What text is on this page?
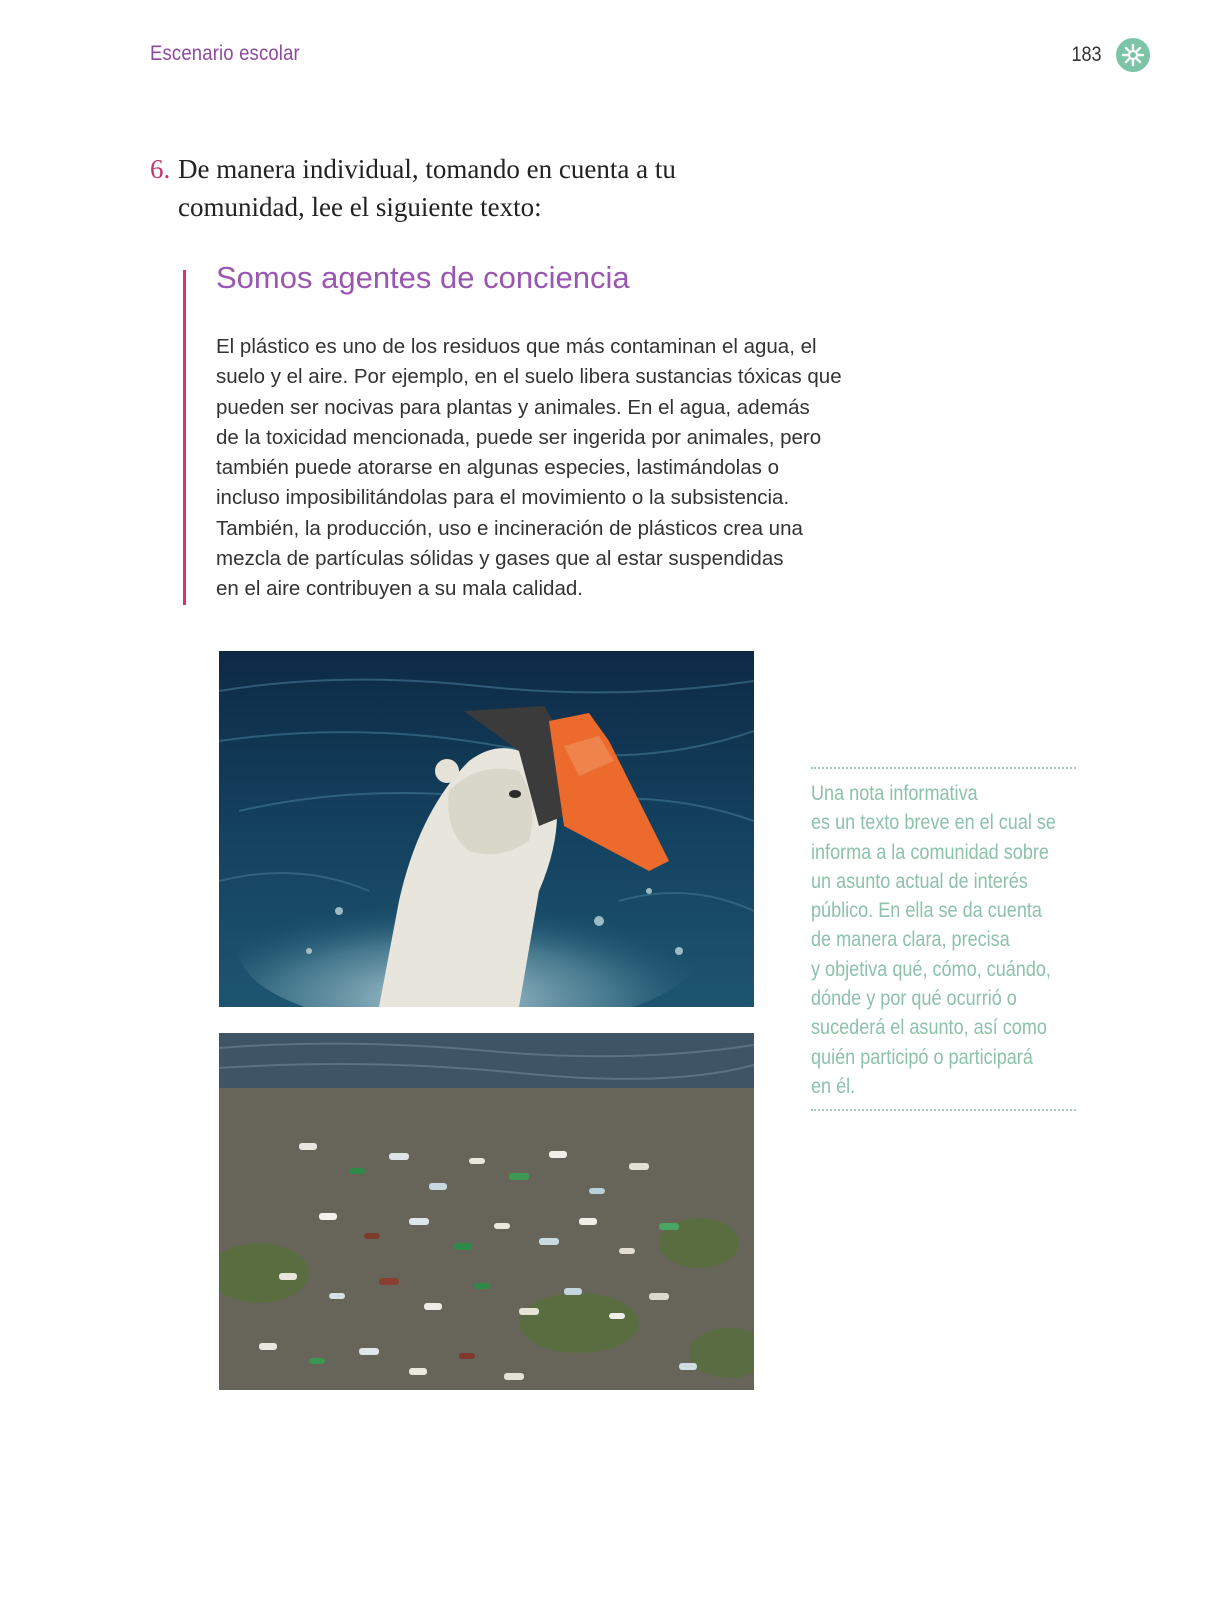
Escenario escolar	183
6. De manera individual, tomando en cuenta a tu
comunidad, lee el siguiente texto:
Somos agentes de conciencia
El plástico es uno de los residuos que más contaminan el agua, el
suelo y el aire. Por ejemplo, en el suelo libera sustancias tóxicas que
pueden ser nocivas para plantas y animales. En el agua, además
de la toxicidad mencionada, puede ser ingerida por animales, pero
también puede atorarse en algunas especies, lastimándolas o
incluso imposibilitándolas para el movimiento o la subsistencia.
También, la producción, uso e incineración de plásticos crea una
mezcla de partículas sólidas y gases que al estar suspendidas
en el aire contribuyen a su mala calidad.
Una nota informativa
es un texto breve en el cual se
informa a la comunidad sobre
un asunto actual de interés
público. En ella se da cuenta
de manera clara, precisa
y objetiva qué, cómo, cuándo,
dónde y por qué ocurrió o
sucederá el asunto, así como
quién participó o participará
en él.
